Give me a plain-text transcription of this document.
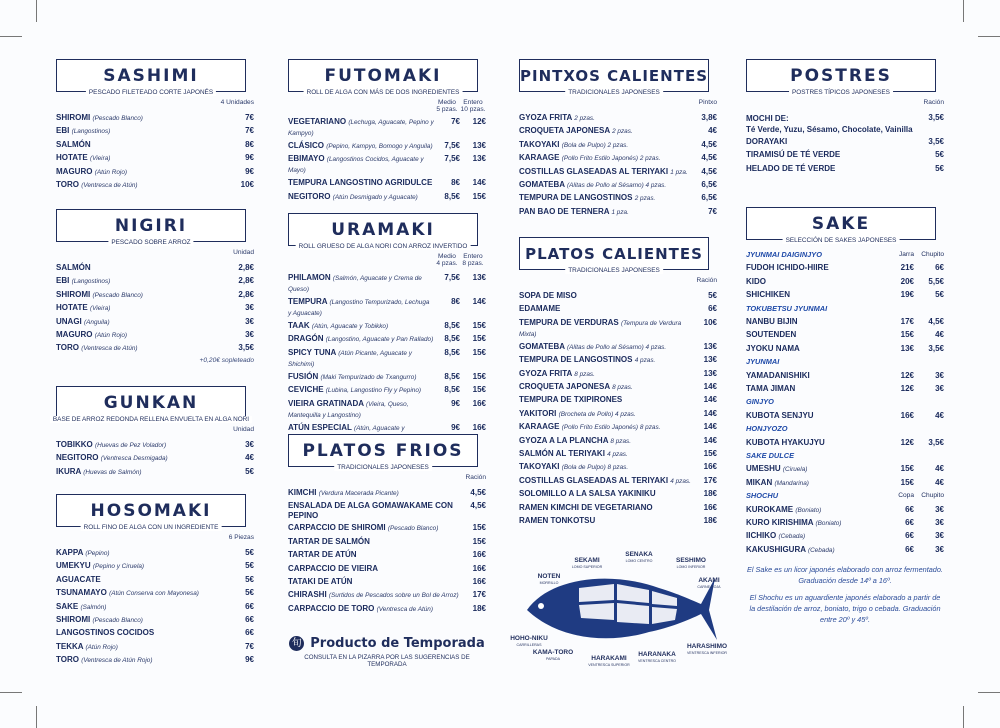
SASHIMI
PESCADO FILETEADO CORTE JAPONÉS
4 Unidades
SHIROMI (Pescado Blanco)	7€
EBI (Langostinos)	7€
SALMÓN	8€
HOTATE (Vieira)	9€
MAGURO (Atún Rojo)	9€
TORO (Ventresca de Atún)	10€
NIGIRI
PESCADO SOBRE ARROZ
Unidad
SALMÓN	2,8€
EBI (Langostinos)	2,8€
SHIROMI (Pescado Blanco)	2,8€
HOTATE (Vieira)	3€
UNAGI (Anguila)	3€
MAGURO (Atún Rojo)	3€
TORO (Ventresca de Atún)	3,5€
+0,20€ sopleteado
GUNKAN
BASE DE ARROZ REDONDA RELLENA ENVUELTA EN ALGA NORI
Unidad
TOBIKKO (Huevas de Pez Volador)	3€
NEGITORO (Ventresca Desmigada)	4€
IKURA (Huevas de Salmón)	5€
HOSOMAKI
ROLL FINO DE ALGA CON UN INGREDIENTE
6 Piezas
KAPPA (Pepino)	5€
UMEKYU (Pepino y Ciruela)	5€
AGUACATE	5€
TSUNAMAYO (Atún Conserva con Mayonesa)	5€
SAKE (Salmón)	6€
SHIROMI (Pescado Blanco)	6€
LANGOSTINOS COCIDOS	6€
TEKKA (Atún Rojo)	7€
TORO (Ventresca de Atún Rojo)	9€
FUTOMAKI
ROLL DE ALGA CON MÁS DE DOS INGREDIENTES
Medio
5 pzas.
Entero
10 pzas.
VEGETARIANO (Lechuga, Aguacate, Pepino y Kampyo)
7€	12€
CLÁSICO (Pepino, Kampyo, Bomogo y Anguila)	7,5€	13€
EBIMAYO (Langostinos Cocidos, Aguacate y Mayo)
7,5€	13€
TEMPURA LANGOSTINO AGRIDULCE	8€	14€
NEGITORO (Atún Desmigado y Aguacate)	8,5€	15€
URAMAKI
ROLL GRUESO DE ALGA NORI CON ARROZ INVERTIDO
Medio
4 pzas.
Entero
8 pzas.
PHILAMON (Salmón, Aguacate y Crema de Queso)
7,5€	13€
TEMPURA (Langostino Tempurizado, Lechuga y Aguacate)
8€	14€
TAAK (Atún, Aguacate y Tobikko)	8,5€	15€
DRAGÓN (Langostino, Aguacate y Pan Rallado)	8,5€	15€
SPICY TUNA (Atún Picante, Aguacate y Shichimi)
8,5€	15€
FUSIÓN (Maki Tempurizado de Txangurro)	8,5€	15€
CEVICHE (Lubina, Langostino Fly y Pepino)	8,5€	15€
VIEIRA GRATINADA (Vieira, Queso, Mantequilla y Langostino)
9€	16€
ATÚN ESPECIAL (Atún, Aguacate y	9€	16€
PLATOS FRIOS
TRADICIONALES JAPONESES
Ración
KIMCHI (Verdura Macerada Picante)	4,5€
ENSALADA DE ALGA GOMAWAKAME CON PEPINO
4,5€
CARPACCIO DE SHIROMI (Pescado Blanco)	15€
TARTAR DE SALMÓN	15€
TARTAR DE ATÚN	16€
CARPACCIO DE VIEIRA	16€
TATAKI DE ATÚN	16€
CHIRASHI (Surtidos de Pescados sobre un Bol de Arroz)	17€
CARPACCIO DE TORO (Ventresca de Atún)	18€
旬 Producto de Temporada
CONSULTA EN LA PIZARRA POR LAS SUGERENCIAS DE TEMPORADA
PINTXOS CALIENTES
TRADICIONALES JAPONESES
Pintxo
GYOZA FRITA 2 pzas.	3,8€
CROQUETA JAPONESA 2 pzas.	4€
TAKOYAKI (Bola de Pulpo) 2 pzas.	4,5€
KARAAGE (Pollo Frito Estilo Japonés) 2 pzas.	4,5€
COSTILLAS GLASEADAS AL TERIYAKI 1 pza.	4,5€
GOMATEBA (Alitas de Pollo al Sésamo) 4 pzas.	6,5€
TEMPURA DE LANGOSTINOS 2 pzas.	6,5€
PAN BAO DE TERNERA 1 pza.	7€
PLATOS CALIENTES
TRADICIONALES JAPONESES
Ración
SOPA DE MISO	5€
EDAMAME	6€
TEMPURA DE VERDURAS (Tempura de Verdura Mixta)
10€
GOMATEBA (Alitas de Pollo al Sésamo) 4 pzas.	13€
TEMPURA DE LANGOSTINOS 4 pzas.	13€
GYOZA FRITA 8 pzas.	13€
CROQUETA JAPONESA 8 pzas.	14€
TEMPURA DE TXIPIRONES	14€
YAKITORI (Brocheta de Pollo) 4 pzas.	14€
KARAAGE (Pollo Frito Estilo Japonés) 8 pzas.	14€
GYOZA A LA PLANCHA 8 pzas.	14€
SALMÓN AL TERIYAKI 4 pzas.	15€
TAKOYAKI (Bola de Pulpo) 8 pzas.	16€
COSTILLAS GLASEADAS AL TERIYAKI 4 pzas.	17€
SOLOMILLO A LA SALSA YAKINIKU	18€
RAMEN KIMCHI DE VEGETARIANO	16€
RAMEN TONKOTSU	18€
SEKAMI
LOMO SUPERIOR
SENAKA
LOMO CENTRO	SESHIMO
LOMO INFERIOR
NOTEN
MORRILLO	AKAMI
CARNE ROJA
HOHO-NIKU
CARRILLERAS
KAMA-TORO
PAPADA	HARAKAMI
VENTRESCA SUPERIOR
HARANAKA
VENTRESCA CENTRO
HARASHIMO
VENTRESCA INFERIOR
POSTRES
POSTRES TÍPICOS JAPONESES
Ración
MOCHI DE:
Té Verde, Yuzu, Sésamo, Chocolate, Vainilla
3,5€
DORAYAKI	3,5€
TIRAMISÚ DE TÉ VERDE	5€
HELADO DE TÉ VERDE	5€
SAKE
SELECCIÓN DE SAKES JAPONESES
JYUNMAI DAIGINJYO	Jarra	Chupito
FUDOH ICHIDO-HIIRE	21€	6€
KIDO	20€	5,5€
SHICHIKEN	19€	5€
TOKUBETSU JYUNMAI
NANBU BIJIN	17€	4,5€
SOUTENDEN	15€	4€
JYOKU NAMA	13€	3,5€
JYUNMAI
YAMADANISHIKI	12€	3€
TAMA JIMAN	12€	3€
GINJYO
KUBOTA SENJYU	16€	4€
HONJYOZO
KUBOTA HYAKUJYU	12€	3,5€
SAKE DULCE
UMESHU (Ciruela)	15€	4€
MIKAN (Mandarina)	15€	4€
SHOCHU	Copa	Chupito
KUROKAME (Boniato)	6€	3€
KURO KIRISHIMA (Boniato)	6€	3€
IICHIKO (Cebada)	6€	3€
KAKUSHIGURA (Cebada)	6€	3€
El Sake es un licor japonés elaborado con arroz fermentado. Graduación desde 14º a 16º.
El Shochu es un aguardiente japonés elaborado a partir de la destilación de arroz, boniato, trigo o cebada. Graduación entre 20º y 45º.
